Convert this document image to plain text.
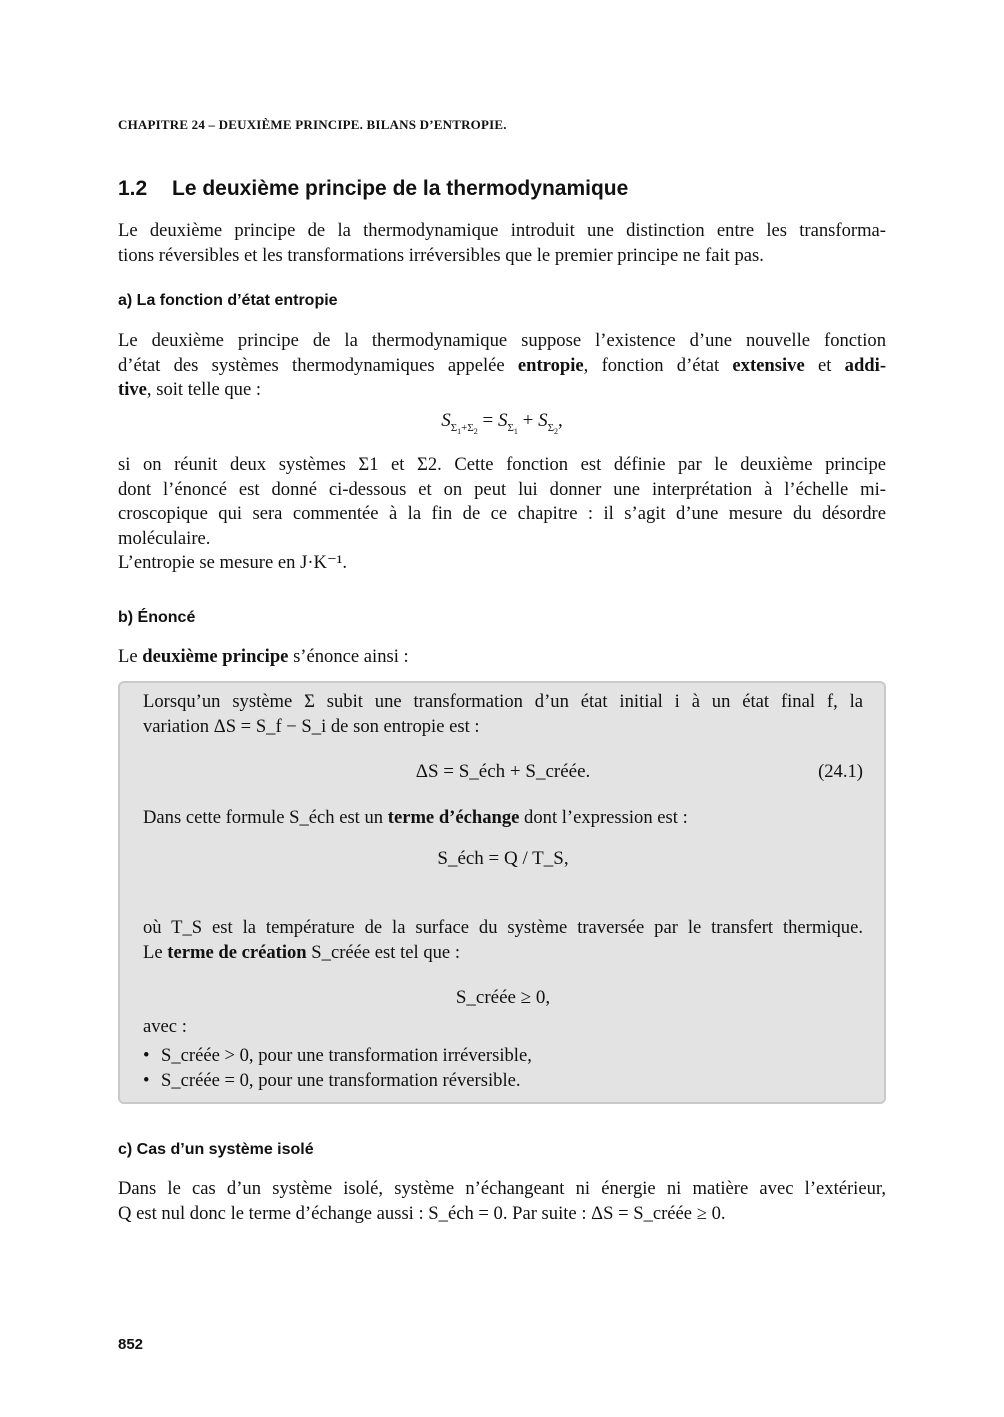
CHAPITRE 24 – DEUXIÈME PRINCIPE. BILANS D’ENTROPIE.
1.2 Le deuxième principe de la thermodynamique
Le deuxième principe de la thermodynamique introduit une distinction entre les transforma-
tions réversibles et les transformations irréversibles que le premier principe ne fait pas.
a) La fonction d’état entropie
Le deuxième principe de la thermodynamique suppose l’existence d’une nouvelle fonction
d’état des systèmes thermodynamiques appelée entropie, fonction d’état extensive et addi-
tive, soit telle que :
$S_{\Sigma_1+\Sigma_2} = S_{\Sigma_1} + S_{\Sigma_2}$,
si on réunit deux systèmes Σ1 et Σ2. Cette fonction est définie par le deuxième principe
dont l’énoncé est donné ci-dessous et on peut lui donner une interprétation à l’échelle mi-
croscopique qui sera commentée à la fin de ce chapitre : il s’agit d’une mesure du désordre
moléculaire.
L’entropie se mesure en J·K⁻¹.
b) Énoncé
Le deuxième principe s’énonce ainsi :
Lorsqu’un système Σ subit une transformation d’un état initial i à un état final f, la
variation ΔS = S_f − S_i de son entropie est :
ΔS = S_éch + S_créée.	(24.1)
Dans cette formule S_éch est un terme d’échange dont l’expression est :
S_éch = Q / T_S,
où T_S est la température de la surface du système traversée par le transfert thermique.
Le terme de création S_créée est tel que :
S_créée ≥ 0,
avec :
• S_créée > 0, pour une transformation irréversible,
• S_créée = 0, pour une transformation réversible.
c) Cas d’un système isolé
Dans le cas d’un système isolé, système n’échangeant ni énergie ni matière avec l’extérieur,
Q est nul donc le terme d’échange aussi : S_éch = 0. Par suite : ΔS = S_créée ≥ 0.
852
